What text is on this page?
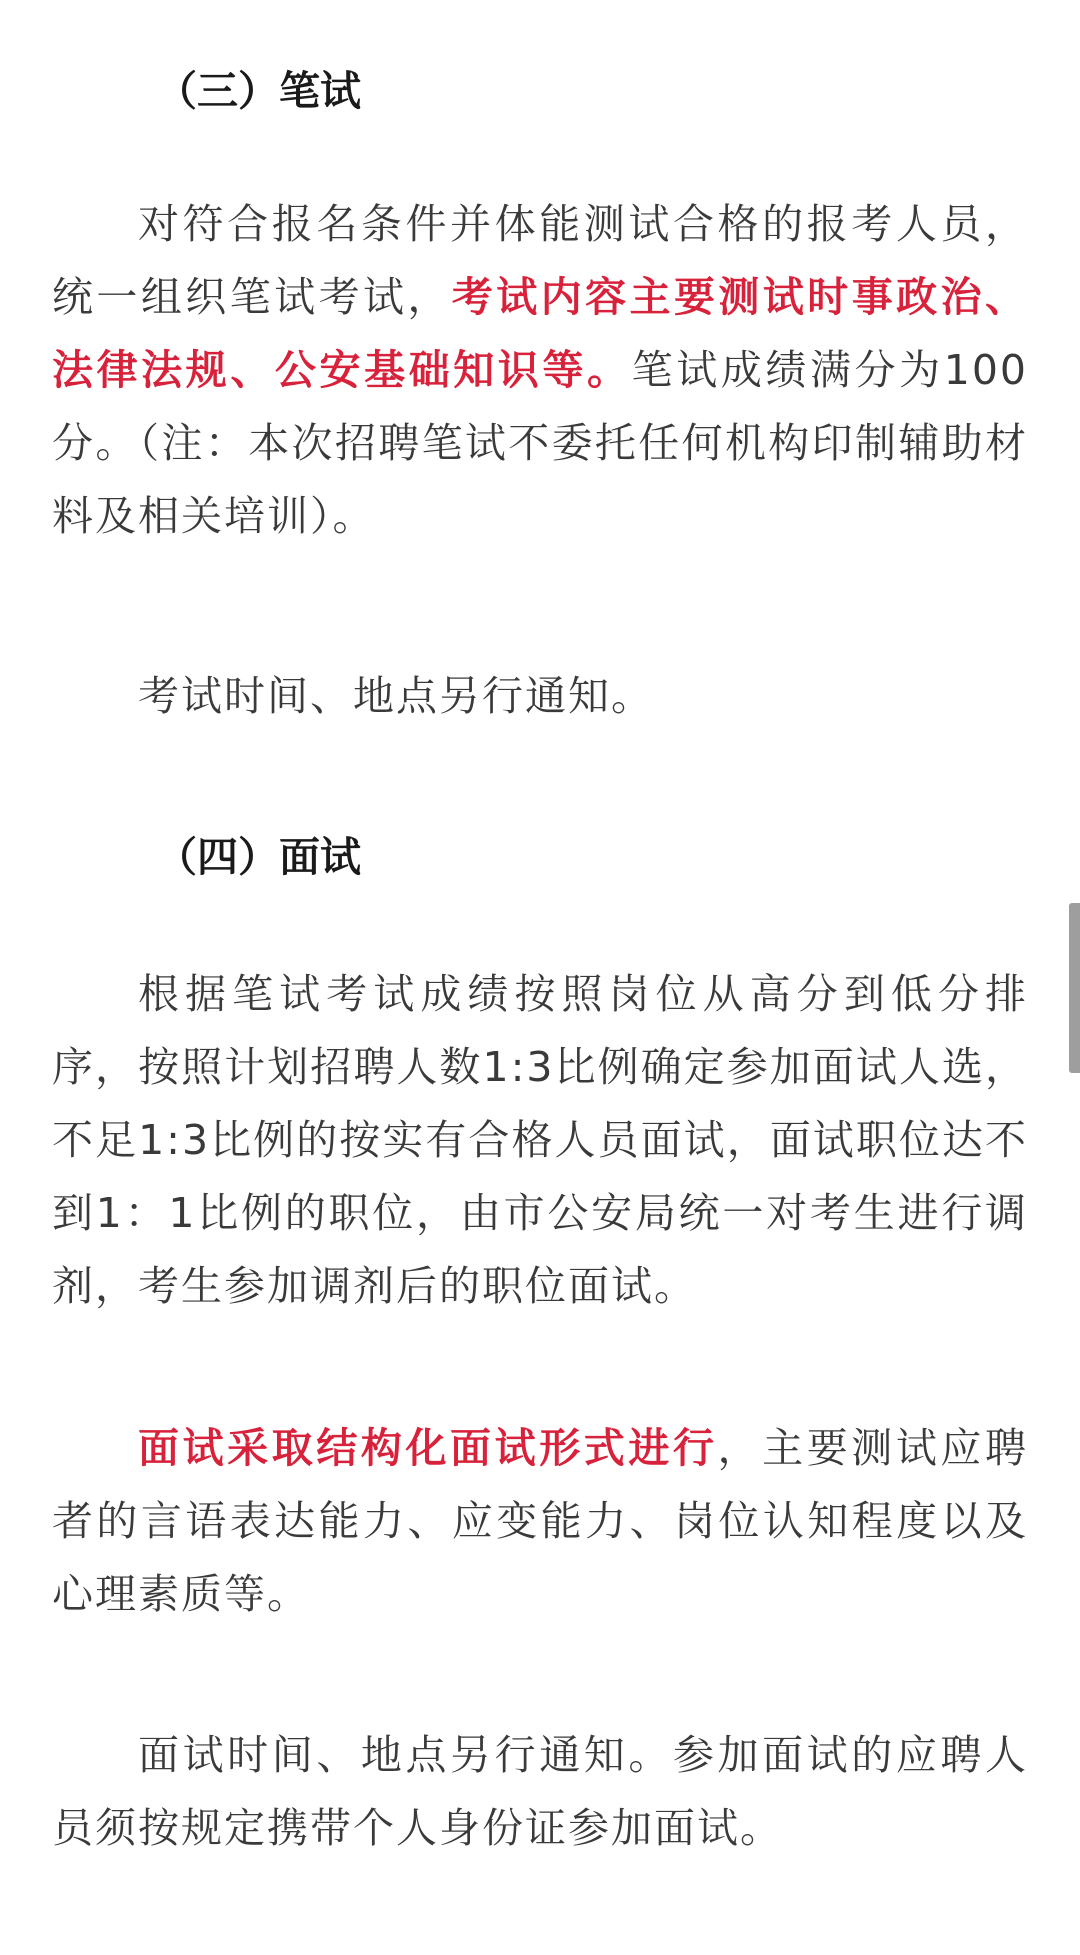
（三）笔试

对符合报名条件并体能测试合格的报考人员，统一组织笔试考试，考试内容主要测试时事政治、法律法规、公安基础知识等。笔试成绩满分为100分。（注：本次招聘笔试不委托任何机构印制辅助材料及相关培训）。

考试时间、地点另行通知。

（四）面试

根据笔试考试成绩按照岗位从高分到低分排序，按照计划招聘人数1:3比例确定参加面试人选，不足1:3比例的按实有合格人员面试，面试职位达不到1：1比例的职位，由市公安局统一对考生进行调剂，考生参加调剂后的职位面试。

面试采取结构化面试形式进行，主要测试应聘者的言语表达能力、应变能力、岗位认知程度以及心理素质等。

面试时间、地点另行通知。参加面试的应聘人员须按规定携带个人身份证参加面试。
